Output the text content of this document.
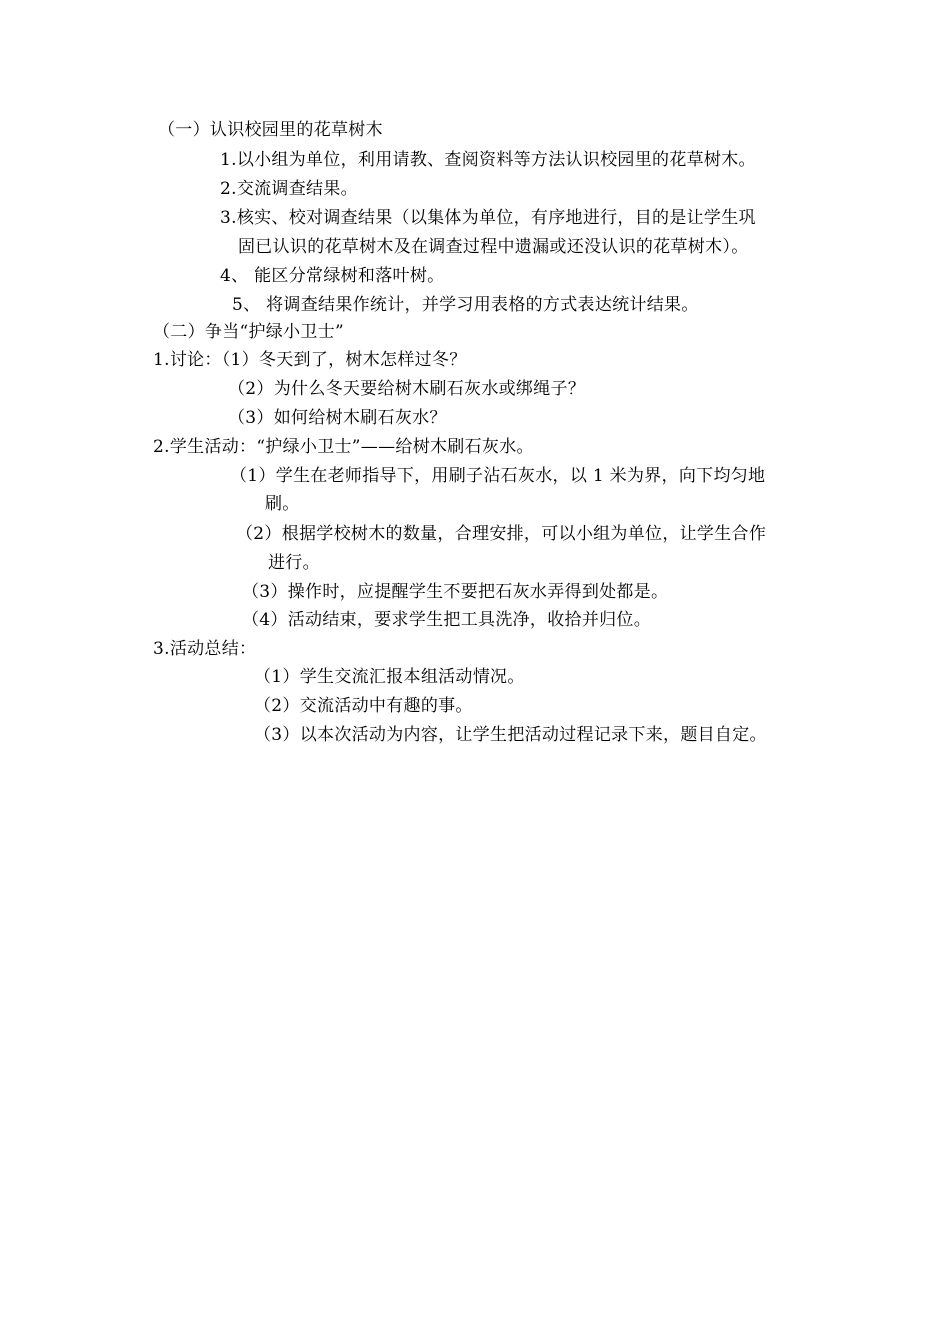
（一）认识校园里的花草树木
1.以小组为单位，利用请教、查阅资料等方法认识校园里的花草树木。
2.交流调查结果。
3.核实、校对调查结果（以集体为单位，有序地进行，目的是让学生巩
固已认识的花草树木及在调查过程中遗漏或还没认识的花草树木）。
4、 能区分常绿树和落叶树。
5、 将调查结果作统计，并学习用表格的方式表达统计结果。
（二）争当“护绿小卫士”
1.讨论：（1）冬天到了，树木怎样过冬？
（2）为什么冬天要给树木刷石灰水或绑绳子？
（3）如何给树木刷石灰水？
2.学生活动：“护绿小卫士”——给树木刷石灰水。
（1）学生在老师指导下，用刷子沾石灰水，以 1 米为界，向下均匀地
刷。
（2）根据学校树木的数量，合理安排，可以小组为单位，让学生合作
进行。
（3）操作时，应提醒学生不要把石灰水弄得到处都是。
（4）活动结束，要求学生把工具洗净，收拾并归位。
3.活动总结：
（1）学生交流汇报本组活动情况。
（2）交流活动中有趣的事。
（3）以本次活动为内容，让学生把活动过程记录下来，题目自定。
